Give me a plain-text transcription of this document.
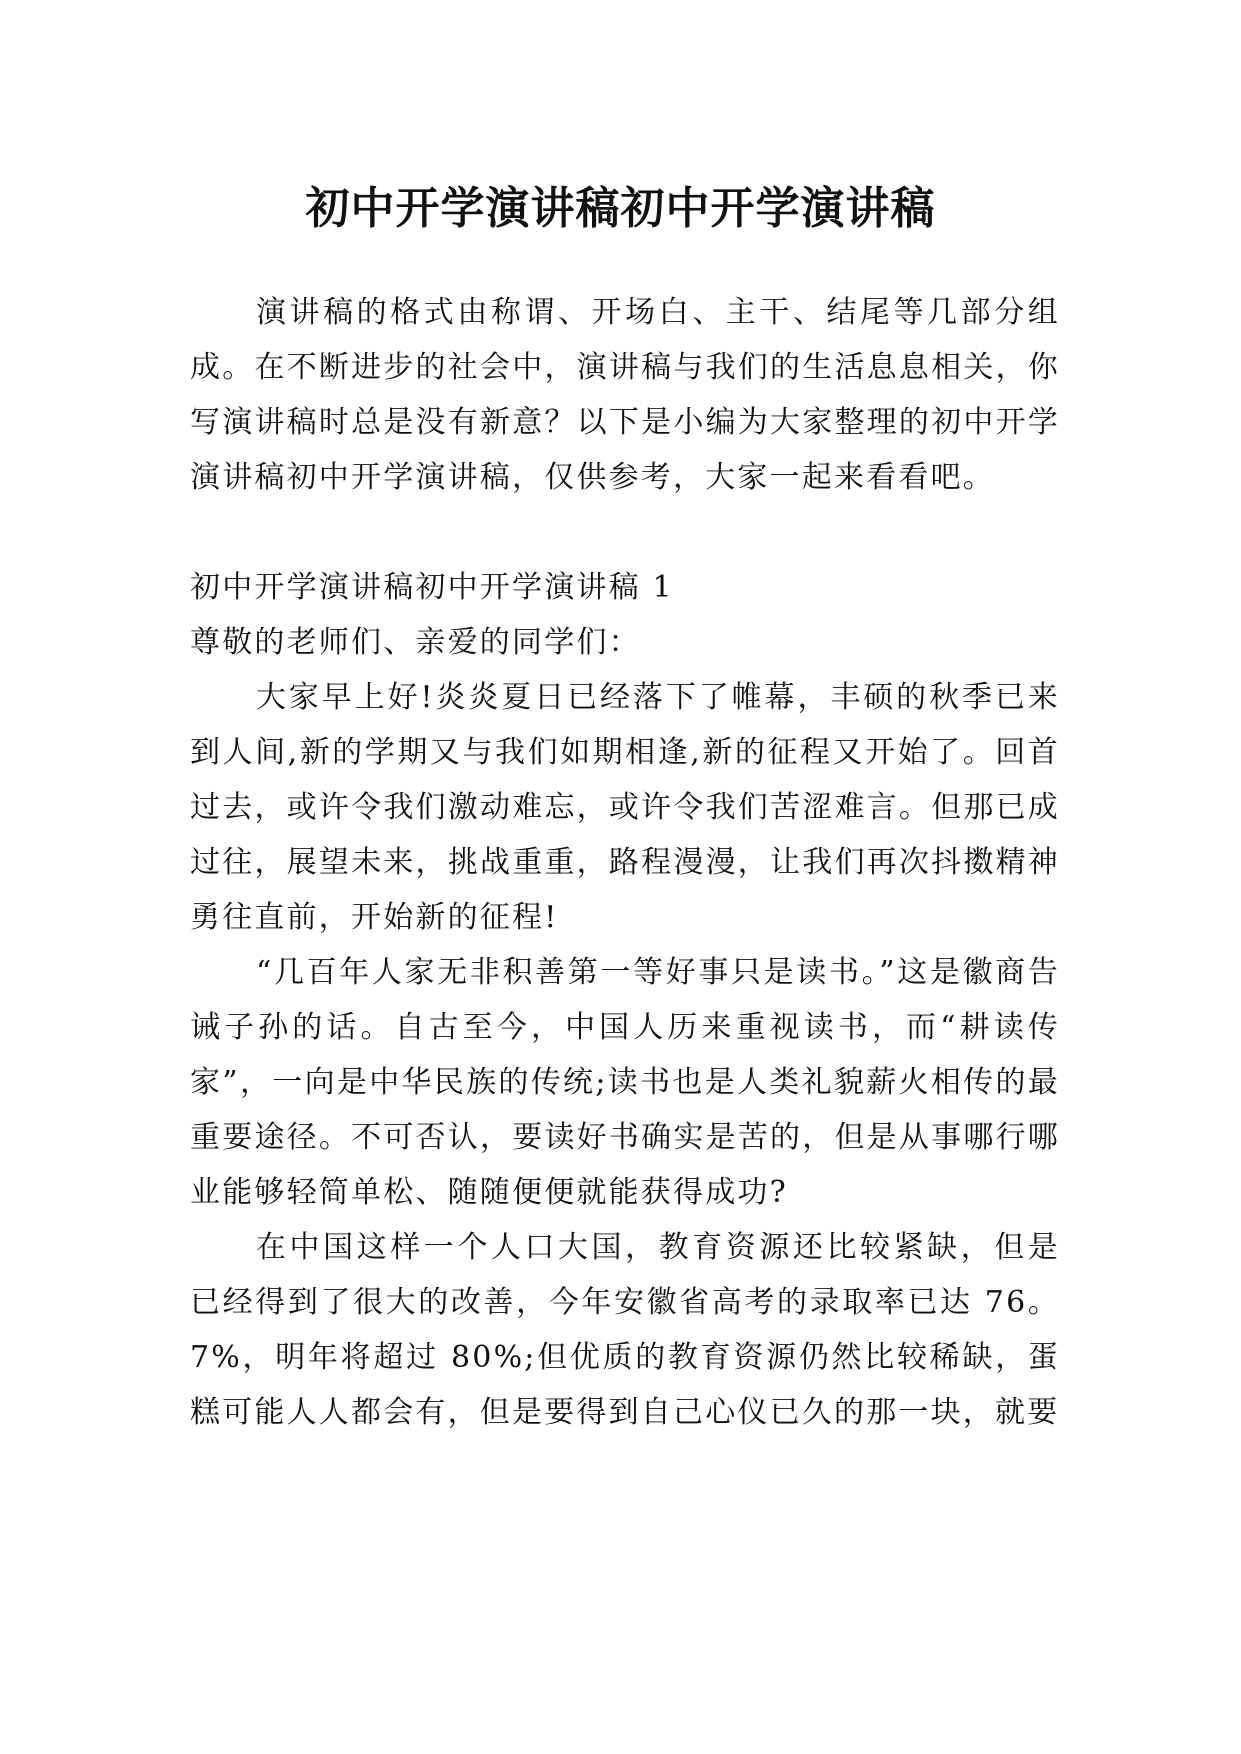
初中开学演讲稿初中开学演讲稿

演讲稿的格式由称谓、开场白、主干、结尾等几部分组成。在不断进步的社会中，演讲稿与我们的生活息息相关，你写演讲稿时总是没有新意？以下是小编为大家整理的初中开学演讲稿初中开学演讲稿，仅供参考，大家一起来看看吧。

初中开学演讲稿初中开学演讲稿 1

尊敬的老师们、亲爱的同学们：

大家早上好!炎炎夏日已经落下了帷幕，丰硕的秋季已来到人间,新的学期又与我们如期相逢,新的征程又开始了。回首过去，或许令我们激动难忘，或许令我们苦涩难言。但那已成过往，展望未来，挑战重重，路程漫漫，让我们再次抖擞精神勇往直前，开始新的征程!

“几百年人家无非积善第一等好事只是读书。”这是徽商告诫子孙的话。自古至今，中国人历来重视读书，而“耕读传家”，一向是中华民族的传统;读书也是人类礼貌薪火相传的最重要途径。不可否认，要读好书确实是苦的，但是从事哪行哪业能够轻简单松、随随便便就能获得成功?

在中国这样一个人口大国，教育资源还比较紧缺，但是已经得到了很大的改善，今年安徽省高考的录取率已达 76。7%，明年将超过 80%;但优质的教育资源仍然比较稀缺，蛋糕可能人人都会有，但是要得到自己心仪已久的那一块，就要
